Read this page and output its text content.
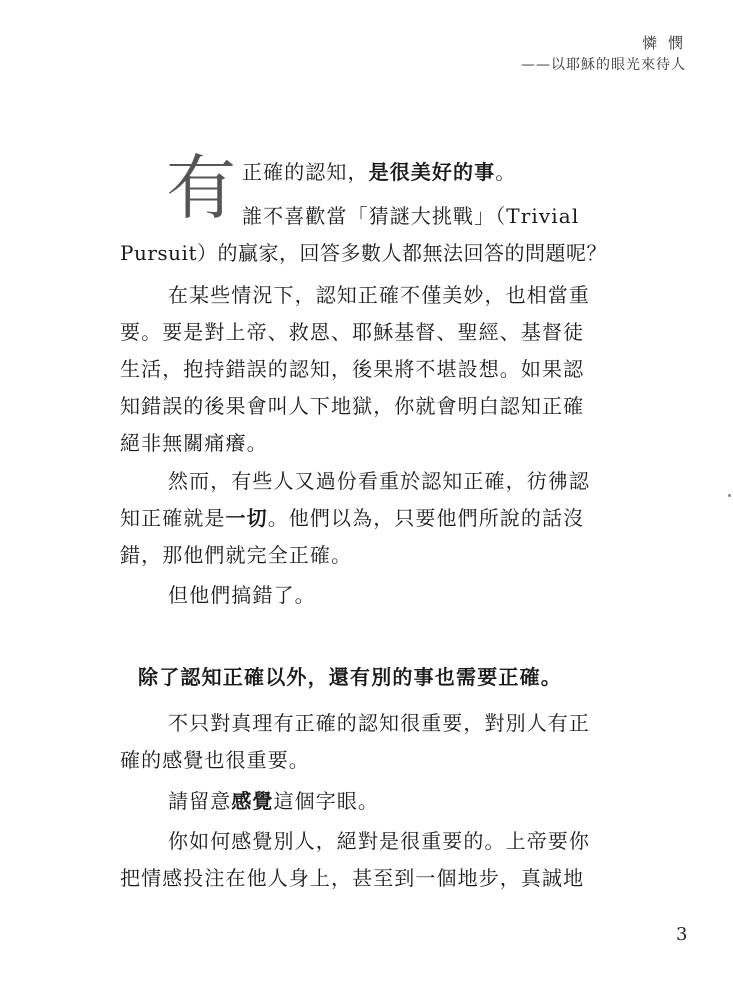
憐 憫
——以耶穌的眼光來待人
有 正確的認知，是很美好的事。
誰不喜歡當「猜謎大挑戰」（Trivial
Pursuit）的贏家，回答多數人都無法回答的問題呢？
在某些情況下，認知正確不僅美妙，也相當重
要。要是對上帝、救恩、耶穌基督、聖經、基督徒
生活，抱持錯誤的認知，後果將不堪設想。如果認
知錯誤的後果會叫人下地獄，你就會明白認知正確
絕非無關痛癢。
然而，有些人又過份看重於認知正確，彷彿認
知正確就是一切。他們以為，只要他們所說的話沒
錯，那他們就完全正確。
但他們搞錯了。
不只對真理有正確的認知很重要，對別人有正
確的感覺也很重要。
請留意感覺這個字眼。
你如何感覺別人，絕對是很重要的。上帝要你
把情感投注在他人身上，甚至到一個地步，真誠地
除了認知正確以外，還有別的事也需要正確。
3
